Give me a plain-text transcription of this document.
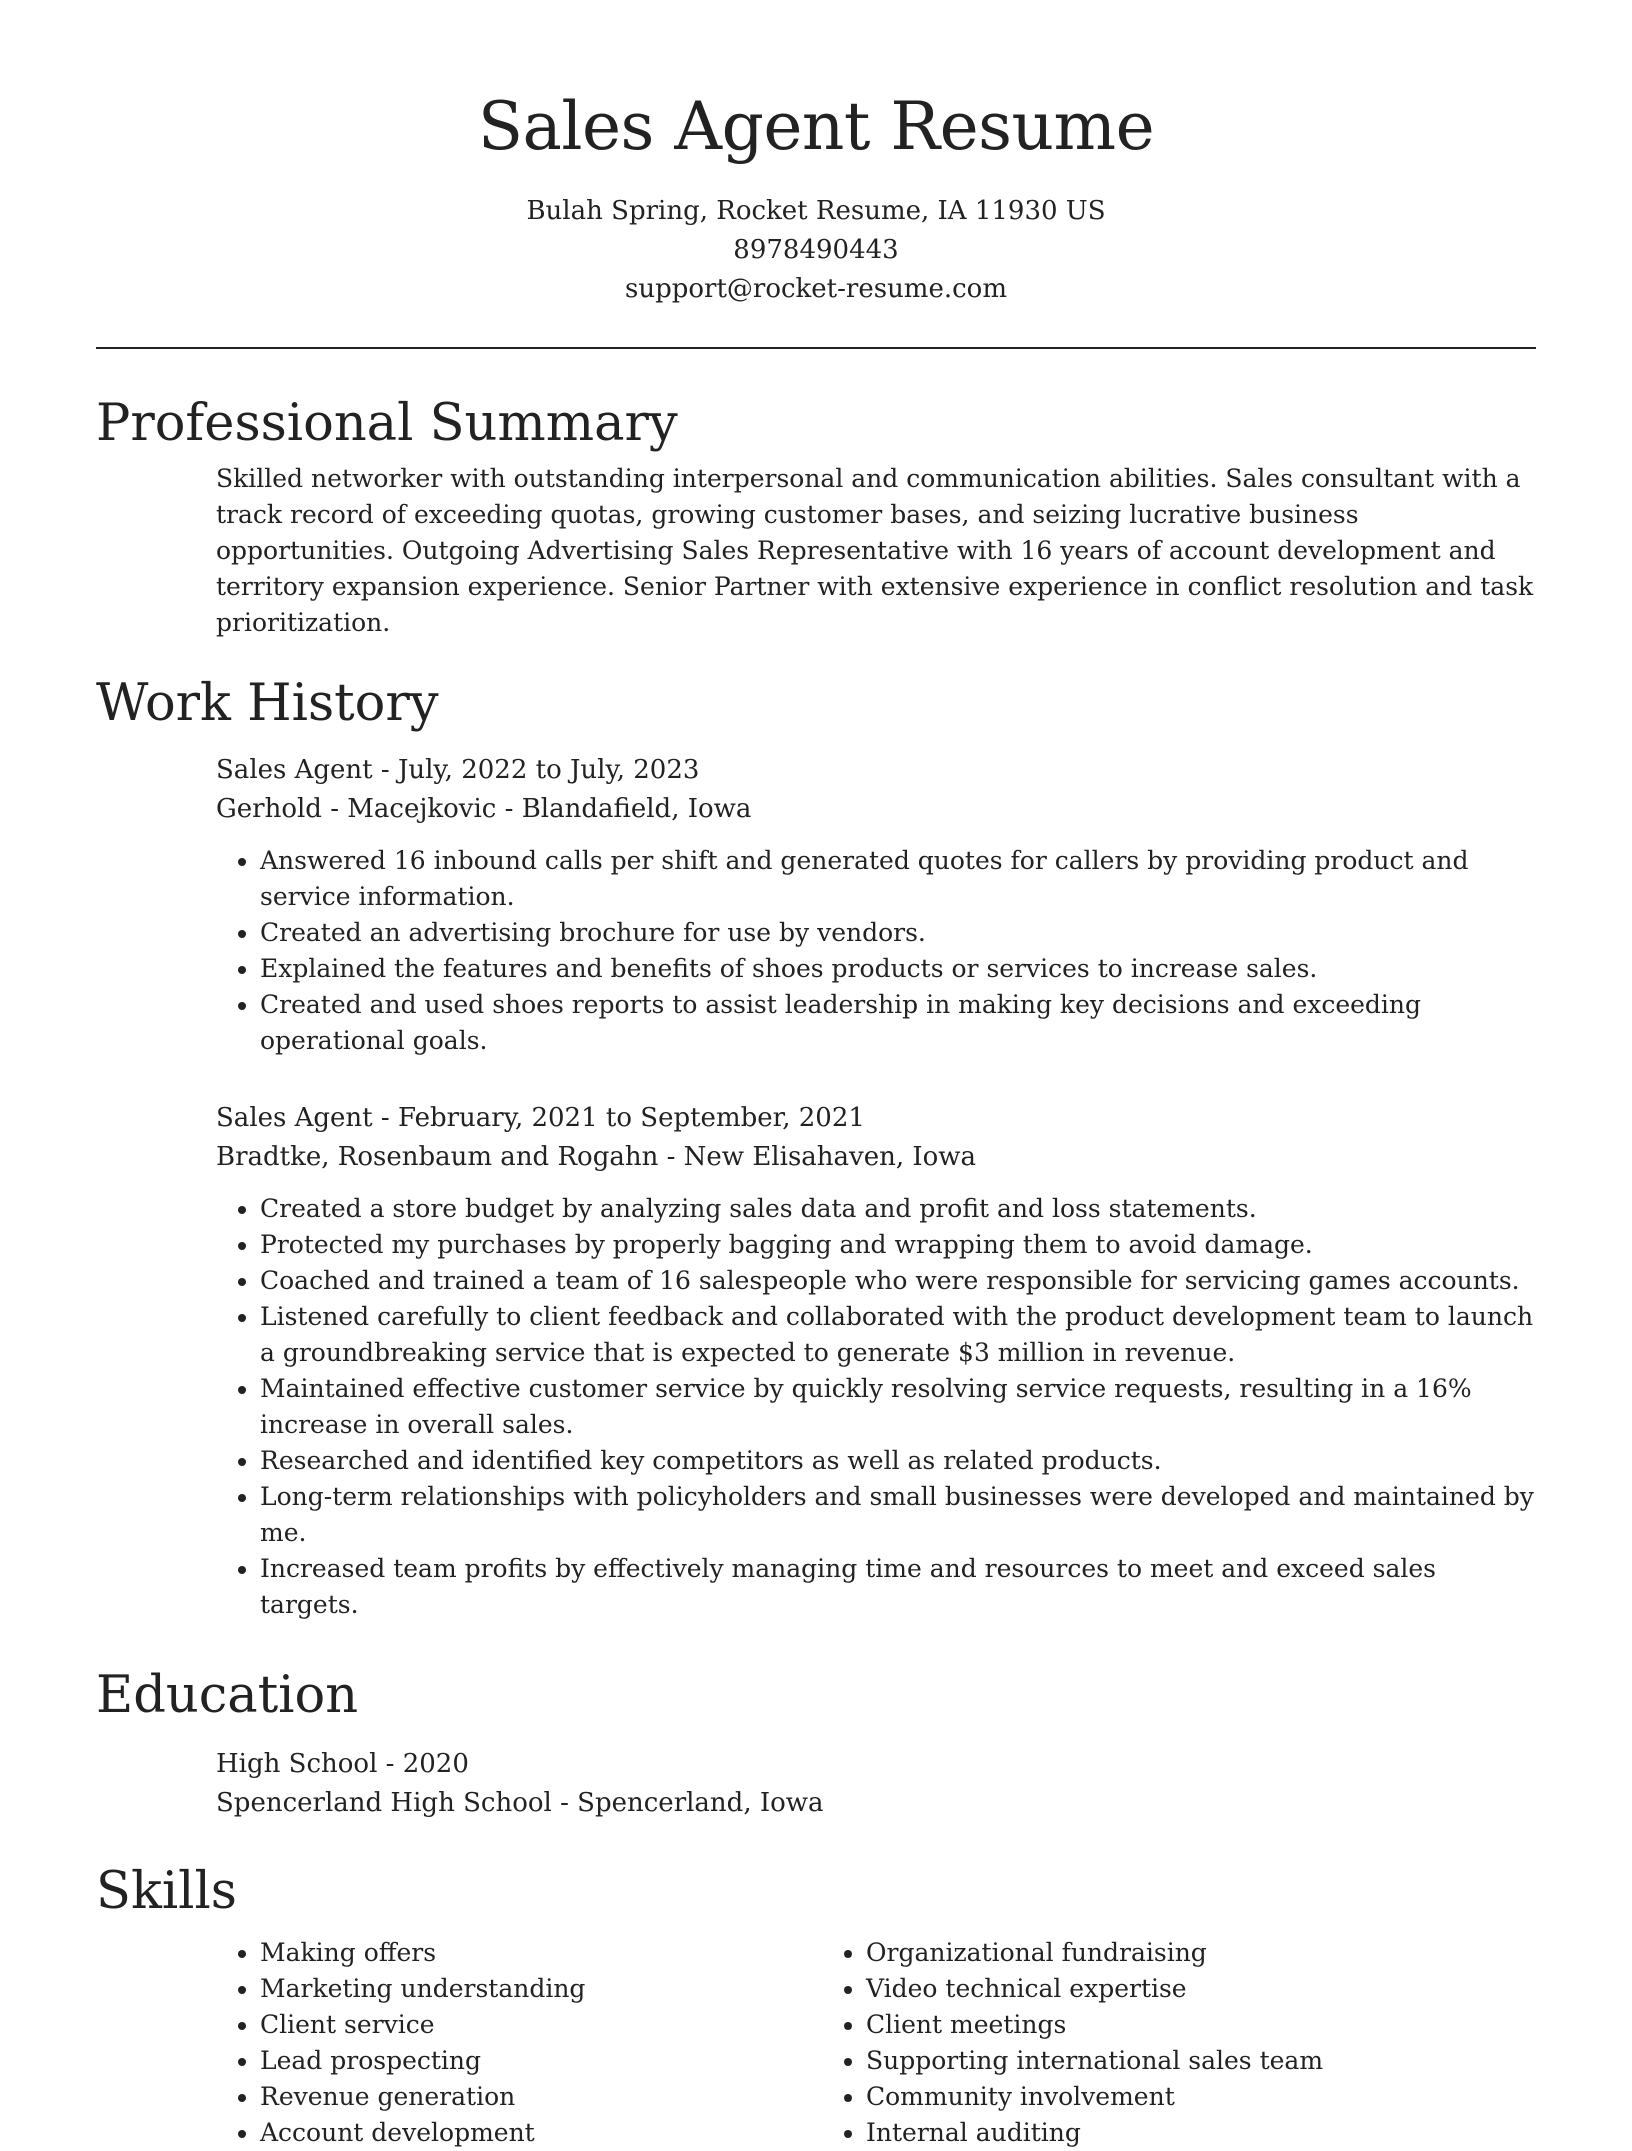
Sales Agent Resume
Bulah Spring, Rocket Resume, IA 11930 US
8978490443
support@rocket-resume.com
Professional Summary

Skilled networker with outstanding interpersonal and communication abilities. Sales consultant with a track record of exceeding quotas, growing customer bases, and seizing lucrative business opportunities. Outgoing Advertising Sales Representative with 16 years of account development and territory expansion experience. Senior Partner with extensive experience in conflict resolution and task prioritization.

Work History
Sales Agent - July, 2022 to July, 2023
Gerhold - Macejkovic - Blandafield, Iowa
• Answered 16 inbound calls per shift and generated quotes for callers by providing product and service information.
• Created an advertising brochure for use by vendors.
• Explained the features and benefits of shoes products or services to increase sales.
• Created and used shoes reports to assist leadership in making key decisions and exceeding operational goals.
Sales Agent - February, 2021 to September, 2021
Bradtke, Rosenbaum and Rogahn - New Elisahaven, Iowa
• Created a store budget by analyzing sales data and profit and loss statements.
• Protected my purchases by properly bagging and wrapping them to avoid damage.
• Coached and trained a team of 16 salespeople who were responsible for servicing games accounts.
• Listened carefully to client feedback and collaborated with the product development team to launch a groundbreaking service that is expected to generate $3 million in revenue.
• Maintained effective customer service by quickly resolving service requests, resulting in a 16% increase in overall sales.
• Researched and identified key competitors as well as related products.
• Long-term relationships with policyholders and small businesses were developed and maintained by me.
• Increased team profits by effectively managing time and resources to meet and exceed sales targets.
Education
High School - 2020
Spencerland High School - Spencerland, Iowa
Skills
• Making offers
• Marketing understanding
• Client service
• Lead prospecting
• Revenue generation
• Account development
• Organizational fundraising
• Video technical expertise
• Client meetings
• Supporting international sales team
• Community involvement
• Internal auditing
